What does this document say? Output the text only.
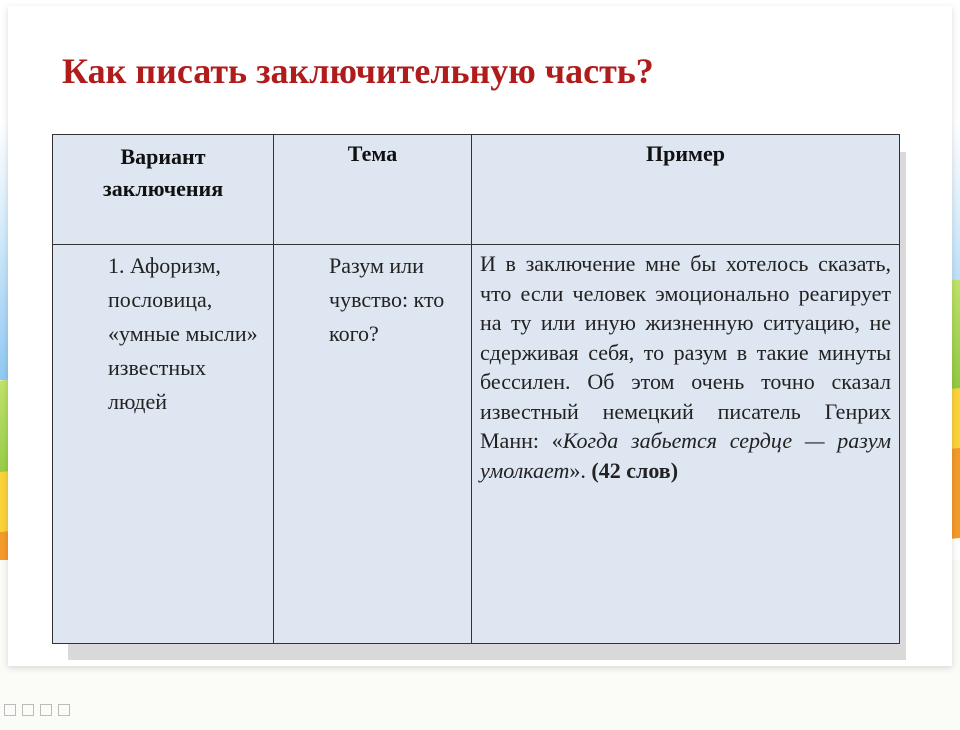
Как писать заключительную часть?
Вариант
заключения	Тема	Пример
1. Афоризм, пословица, «умные мысли» известных людей	Разум или чувство: кто кого?	И в заключение мне бы хотелось сказать, что если человек эмоционально реагирует на ту или иную жизненную ситуацию, не сдерживая себя, то разум в такие минуты бессилен. Об этом очень точно сказал известный немецкий писатель Генрих Манн: «Когда забьется сердце — разум умолкает». (42 слов)
